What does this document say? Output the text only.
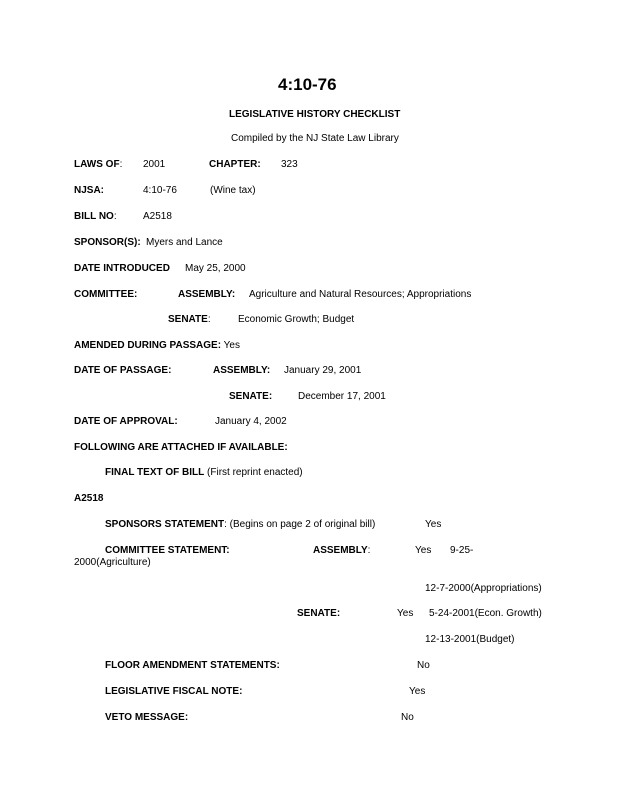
4:10-76
LEGISLATIVE HISTORY CHECKLIST
Compiled by the NJ State Law Library
LAWS OF: 2001	CHAPTER: 323
NJSA:	4:10-76	(Wine tax)
BILL NO:	A2518
SPONSOR(S): Myers and Lance
DATE INTRODUCED May 25, 2000
COMMITTEE:	ASSEMBLY: Agriculture and Natural Resources; Appropriations
SENATE:	Economic Growth; Budget
AMENDED DURING PASSAGE: Yes
DATE OF PASSAGE:	ASSEMBLY: January 29, 2001
SENATE:	December 17, 2001
DATE OF APPROVAL:	January 4, 2002
FOLLOWING ARE ATTACHED IF AVAILABLE:
FINAL TEXT OF BILL (First reprint enacted)
A2518
SPONSORS STATEMENT: (Begins on page 2 of original bill)	Yes
COMMITTEE STATEMENT:	ASSEMBLY:	Yes 9-25-
2000(Agriculture)
12-7-2000(Appropriations)
SENATE:	Yes 5-24-2001(Econ. Growth)
12-13-2001(Budget)
FLOOR AMENDMENT STATEMENTS:	No
LEGISLATIVE FISCAL NOTE:	Yes
VETO MESSAGE:	No
